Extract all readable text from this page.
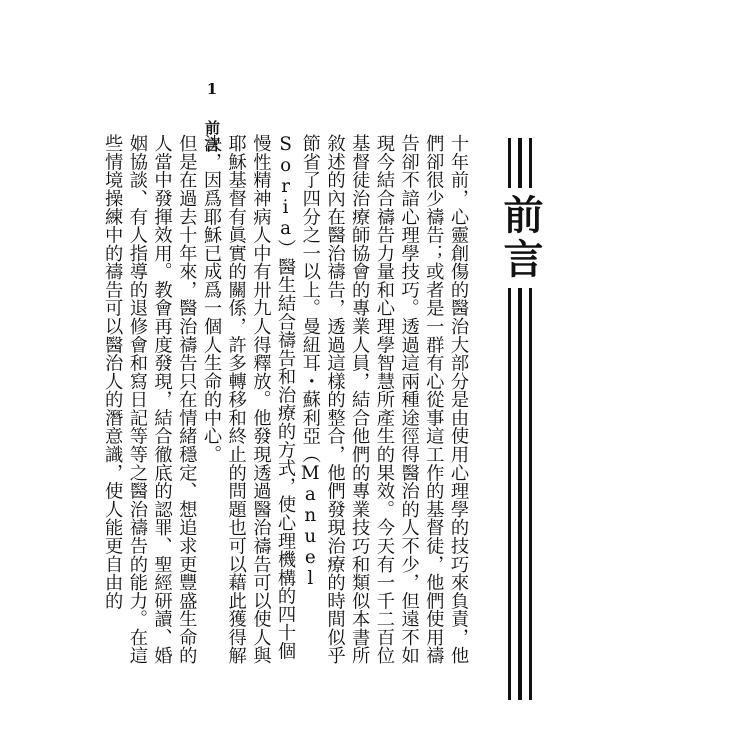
1 前言
前言

十年前，心靈創傷的醫治大部分是由使用心理學的技巧來負責，他們卻很少禱告；或者是一群有心從事這工作的基督徒，他們使用禱告卻不諳心理學技巧。透過這兩種途徑得醫治的人不少，但遠不如現今結合禱告力量和心理學智慧所產生的果效。今天有一千二百位基督徒治療師協會的專業人員，結合他們的專業技巧和類似本書所敘述的內在醫治禱告，透過這樣的整合，他們發現治療的時間似乎節省了四分之一以上。曼紐耳・蘇利亞（Manuel Soria）醫生結合禱告和治療的方式，使心理機構的四十個慢性精神病人中有卅九人得釋放。他發現透過醫治禱告可以使人與耶穌基督有眞實的關係，許多轉移和終止的問題也可以藉此獲得解決，因爲耶穌已成爲一個人生命的中心。

但是在過去十年來，醫治禱告只在情緒穩定、想追求更豐盛生命的人當中發揮效用。教會再度發現，結合徹底的認罪、聖經研讀、婚姻協談、有人指導的退修會和寫日記等等之醫治禱告的能力。在這些情境操練中的禱告可以醫治人的潛意識，使人能更自由的
